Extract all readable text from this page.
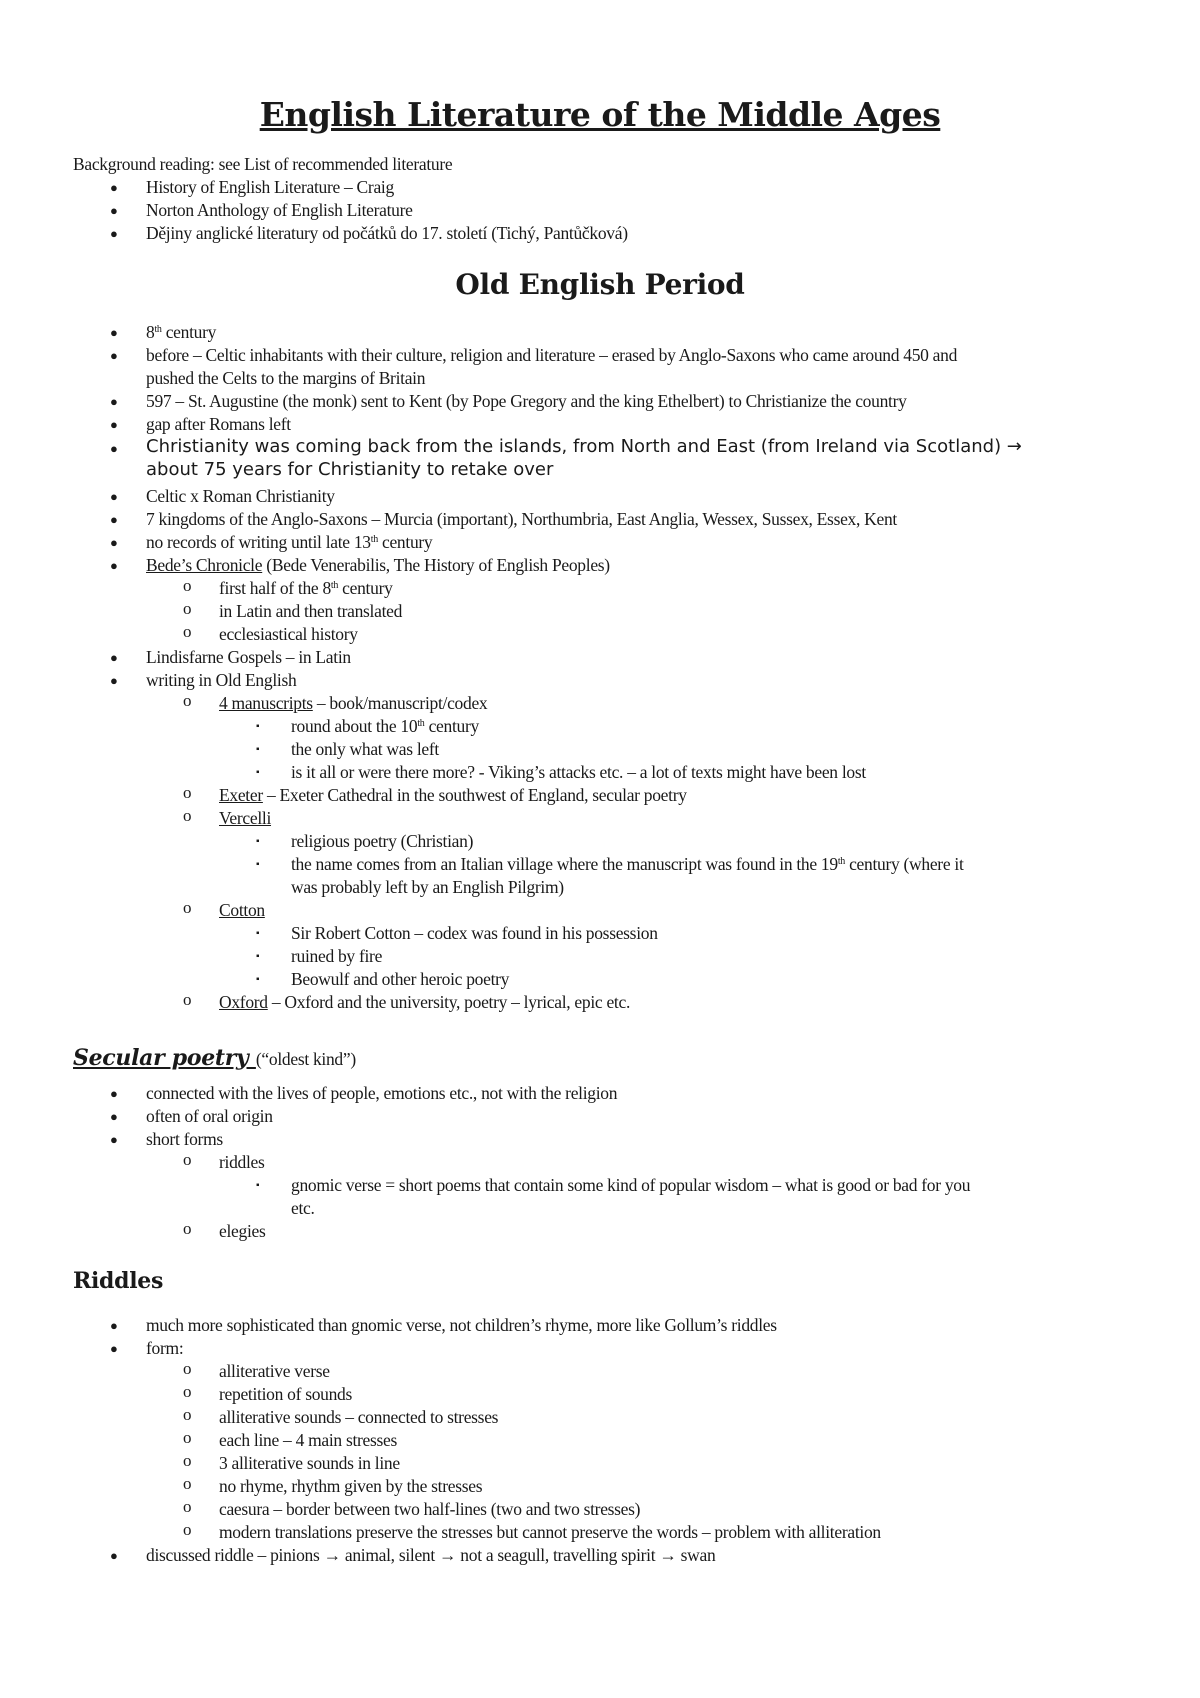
English Literature of the Middle Ages
Background reading: see List of recommended literature
● History of English Literature – Craig
● Norton Anthology of English Literature
● Dějiny anglické literatury od počátků do 17. století (Tichý, Pantůčková)
Old English Period
● 8th century
● before – Celtic inhabitants with their culture, religion and literature – erased by Anglo-Saxons who came around 450 and
pushed the Celts to the margins of Britain
● 597 – St. Augustine (the monk) sent to Kent (by Pope Gregory and the king Ethelbert) to Christianize the country
● gap after Romans left
● Christianity was coming back from the islands, from North and East (from Ireland via Scotland) →
about 75 years for Christianity to retake over
● Celtic x Roman Christianity
● 7 kingdoms of the Anglo-Saxons – Murcia (important), Northumbria, East Anglia, Wessex, Sussex, Essex, Kent
● no records of writing until late 13th century
● Bede’s Chronicle (Bede Venerabilis, The History of English Peoples)
o first half of the 8th century
o in Latin and then translated
o ecclesiastical history
● Lindisfarne Gospels – in Latin
● writing in Old English
o 4 manuscripts – book/manuscript/codex
▪ round about the 10th century
▪ the only what was left
▪ is it all or were there more? - Viking’s attacks etc. – a lot of texts might have been lost
o Exeter – Exeter Cathedral in the southwest of England, secular poetry
o Vercelli
▪ religious poetry (Christian)
▪ the name comes from an Italian village where the manuscript was found in the 19th century (where it
was probably left by an English Pilgrim)
o Cotton
▪ Sir Robert Cotton – codex was found in his possession
▪ ruined by fire
▪ Beowulf and other heroic poetry
o Oxford – Oxford and the university, poetry – lyrical, epic etc.
Secular poetry (“oldest kind”)
● connected with the lives of people, emotions etc., not with the religion
● often of oral origin
● short forms
o riddles
▪ gnomic verse = short poems that contain some kind of popular wisdom – what is good or bad for you
etc.
o elegies
Riddles
● much more sophisticated than gnomic verse, not children’s rhyme, more like Gollum’s riddles
● form:
o alliterative verse
o repetition of sounds
o alliterative sounds – connected to stresses
o each line – 4 main stresses
o 3 alliterative sounds in line
o no rhyme, rhythm given by the stresses
o caesura – border between two half-lines (two and two stresses)
o modern translations preserve the stresses but cannot preserve the words – problem with alliteration
● discussed riddle – pinions → animal, silent → not a seagull, travelling spirit → swan
